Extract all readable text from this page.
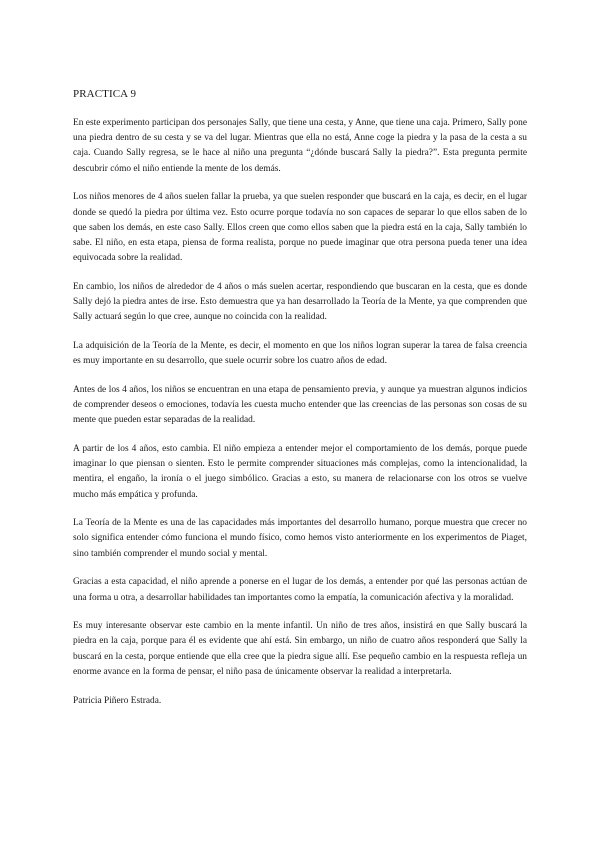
PRACTICA 9

En este experimento participan dos personajes Sally, que tiene una cesta, y Anne, que tiene una caja. Primero, Sally pone una piedra dentro de su cesta y se va del lugar. Mientras que ella no está, Anne coge la piedra y la pasa de la cesta a su caja. Cuando Sally regresa, se le hace al niño una pregunta “¿dónde buscará Sally la piedra?”. Esta pregunta permite descubrir cómo el niño entiende la mente de los demás.

Los niños menores de 4 años suelen fallar la prueba, ya que suelen responder que buscará en la caja, es decir, en el lugar donde se quedó la piedra por última vez. Esto ocurre porque todavía no son capaces de separar lo que ellos saben de lo que saben los demás, en este caso Sally. Ellos creen que como ellos saben que la piedra está en la caja, Sally también lo sabe. El niño, en esta etapa, piensa de forma realista, porque no puede imaginar que otra persona pueda tener una idea equivocada sobre la realidad.

En cambio, los niños de alrededor de 4 años o más suelen acertar, respondiendo que buscaran en la cesta, que es donde Sally dejó la piedra antes de irse. Esto demuestra que ya han desarrollado la Teoría de la Mente, ya que comprenden que Sally actuará según lo que cree, aunque no coincida con la realidad.

La adquisición de la Teoría de la Mente, es decir, el momento en que los niños logran superar la tarea de falsa creencia es muy importante en su desarrollo, que suele ocurrir sobre los cuatro años de edad.

Antes de los 4 años, los niños se encuentran en una etapa de pensamiento previa, y aunque ya muestran algunos indicios de comprender deseos o emociones, todavía les cuesta mucho entender que las creencias de las personas son cosas de su mente que pueden estar separadas de la realidad.

A partir de los 4 años, esto cambia. El niño empieza a entender mejor el comportamiento de los demás, porque puede imaginar lo que piensan o sienten. Esto le permite comprender situaciones más complejas, como la intencionalidad, la mentira, el engaño, la ironía o el juego simbólico. Gracias a esto, su manera de relacionarse con los otros se vuelve mucho más empática y profunda.

La Teoría de la Mente es una de las capacidades más importantes del desarrollo humano, porque muestra que crecer no solo significa entender cómo funciona el mundo físico, como hemos visto anteriormente en los experimentos de Piaget, sino también comprender el mundo social y mental.

Gracias a esta capacidad, el niño aprende a ponerse en el lugar de los demás, a entender por qué las personas actúan de una forma u otra, a desarrollar habilidades tan importantes como la empatía, la comunicación afectiva y la moralidad.

Es muy interesante observar este cambio en la mente infantil. Un niño de tres años, insistirá en que Sally buscará la piedra en la caja, porque para él es evidente que ahí está. Sin embargo, un niño de cuatro años responderá que Sally la buscará en la cesta, porque entiende que ella cree que la piedra sigue allí. Ese pequeño cambio en la respuesta refleja un enorme avance en la forma de pensar, el niño pasa de únicamente observar la realidad a interpretarla.

Patricia Piñero Estrada.
